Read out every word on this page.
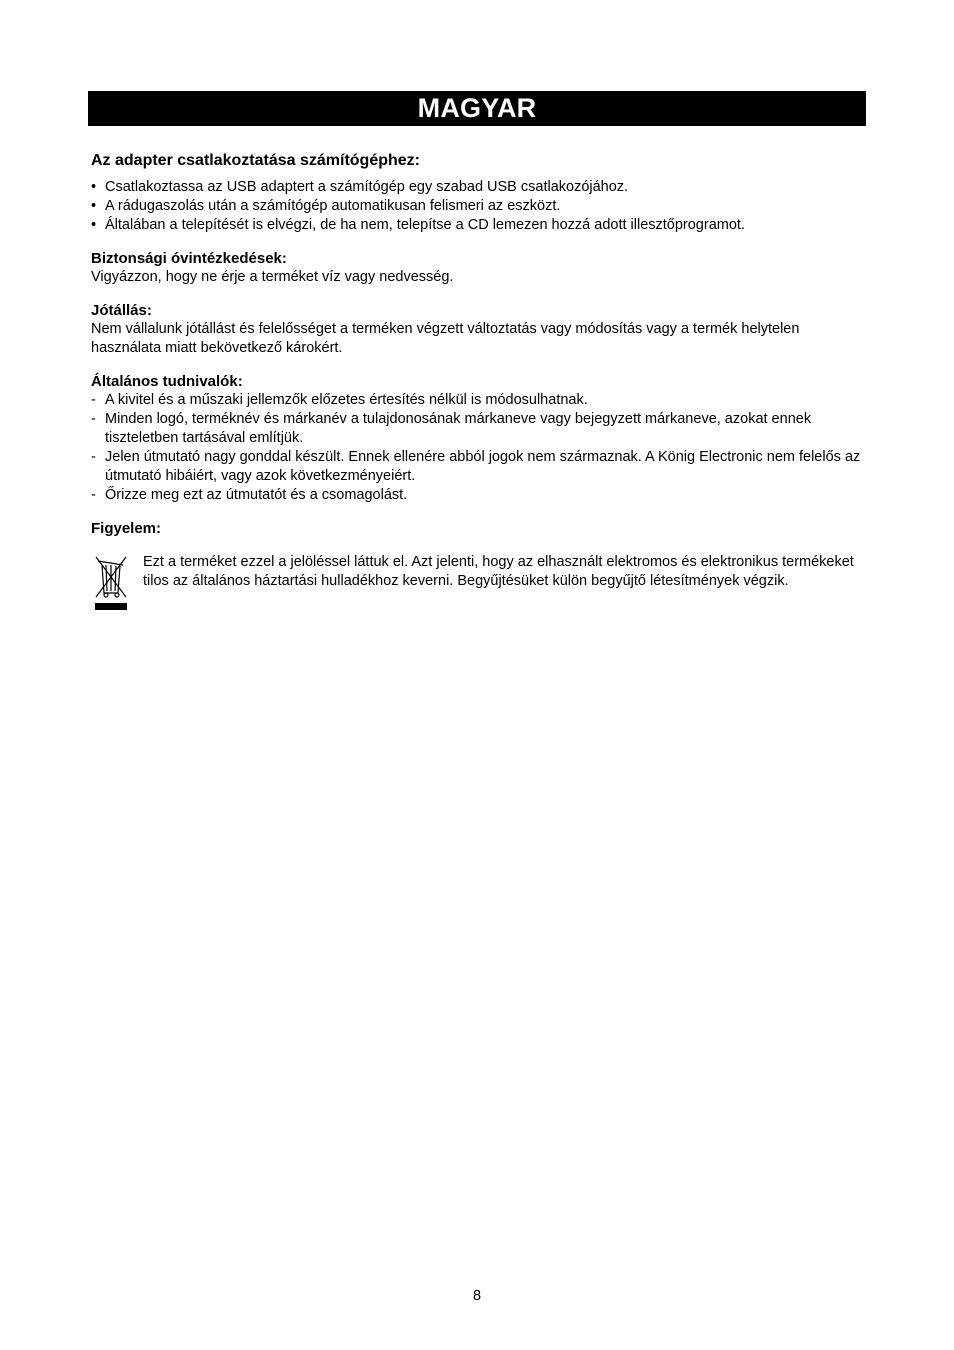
MAGYAR
Az adapter csatlakoztatása számítógéphez:
• Csatlakoztassa az USB adaptert a számítógép egy szabad USB csatlakozójához.
• A rádugaszolás után a számítógép automatikusan felismeri az eszközt.
• Általában a telepítését is elvégzi, de ha nem, telepítse a CD lemezen hozzá adott illesztőprogramot.
Biztonsági óvintézkedések:

Vigyázzon, hogy ne érje a terméket víz vagy nedvesség.

Jótállás:

Nem vállalunk jótállást és felelősséget a terméken végzett változtatás vagy módosítás vagy a termék helytelen használata miatt bekövetkező károkért.

Általános tudnivalók:
- A kivitel és a műszaki jellemzők előzetes értesítés nélkül is módosulhatnak.
- Minden logó, terméknév és márkanév a tulajdonosának márkaneve vagy bejegyzett márkaneve, azokat ennek tiszteletben tartásával említjük.
- Jelen útmutató nagy gonddal készült. Ennek ellenére abból jogok nem származnak. A König Electronic nem felelős az útmutató hibáiért, vagy azok következményeiért.
- Őrizze meg ezt az útmutatót és a csomagolást.
Figyelem:

Ezt a terméket ezzel a jelöléssel láttuk el. Azt jelenti, hogy az elhasznált elektromos és elektronikus termékeket tilos az általános háztartási hulladékhoz keverni. Begyűjtésüket külön begyűjtő létesítmények végzik.

8
